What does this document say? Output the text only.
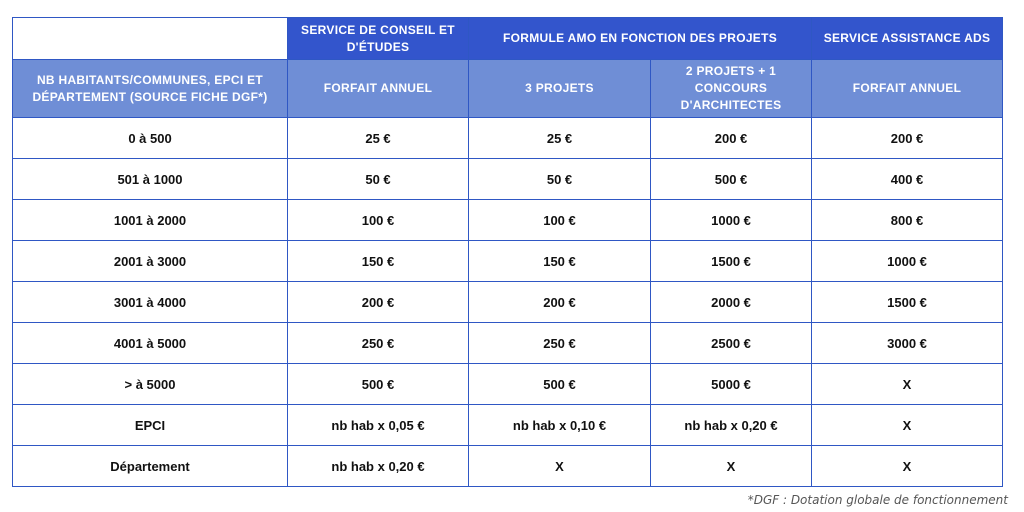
	SERVICE DE CONSEIL ET D'ÉTUDES	FORMULE AMO EN FONCTION DES PROJETS		SERVICE ASSISTANCE ADS
NB HABITANTS/COMMUNES, EPCI ET DÉPARTEMENT (SOURCE FICHE DGF*)	FORFAIT ANNUEL	3 PROJETS	2 PROJETS + 1 CONCOURS D'ARCHITECTES	FORFAIT ANNUEL
0 à 500	25 €	25 €	200 €	200 €
501 à 1000	50 €	50 €	500 €	400 €
1001 à 2000	100 €	100 €	1000 €	800 €
2001 à 3000	150 €	150 €	1500 €	1000 €
3001 à 4000	200 €	200 €	2000 €	1500 €
4001 à 5000	250 €	250 €	2500 €	3000 €
> à 5000	500 €	500 €	5000 €	X
EPCI	nb hab x 0,05 €	nb hab x 0,10 €	nb hab x 0,20 €	X
Département	nb hab x 0,20 €	X	X	X
*DGF : Dotation globale de fonctionnement
